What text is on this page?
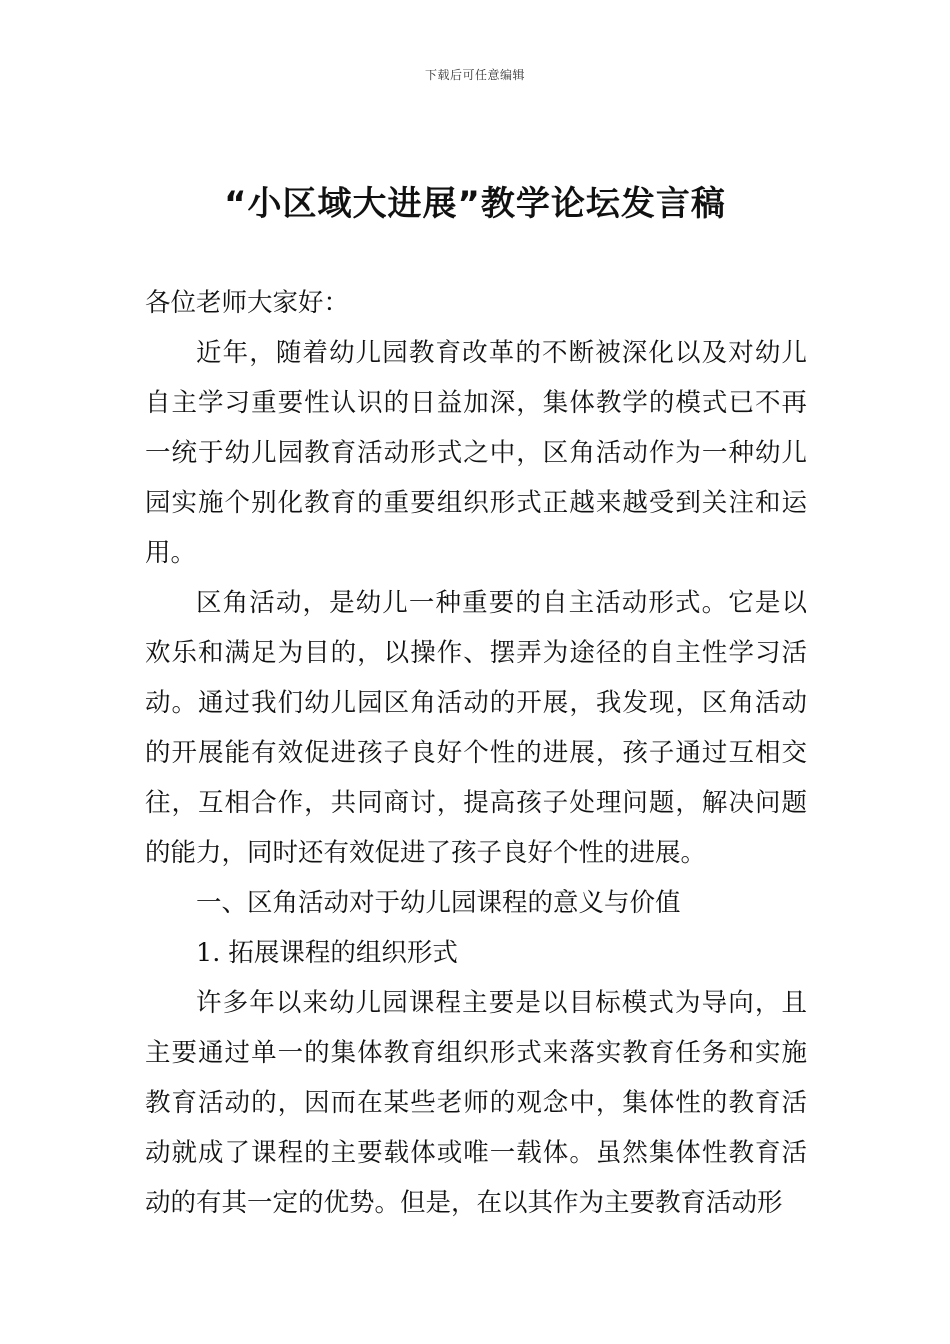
下载后可任意编辑
“小区域大进展”教学论坛发言稿

各位老师大家好：

近年，随着幼儿园教育改革的不断被深化以及对幼儿自主学习重要性认识的日益加深，集体教学的模式已不再一统于幼儿园教育活动形式之中，区角活动作为一种幼儿园实施个别化教育的重要组织形式正越来越受到关注和运用。

区角活动，是幼儿一种重要的自主活动形式。它是以欢乐和满足为目的，以操作、摆弄为途径的自主性学习活动。通过我们幼儿园区角活动的开展，我发现，区角活动的开展能有效促进孩子良好个性的进展，孩子通过互相交往，互相合作，共同商讨，提高孩子处理问题，解决问题的能力，同时还有效促进了孩子良好个性的进展。

一、区角活动对于幼儿园课程的意义与价值

1. 拓展课程的组织形式

许多年以来幼儿园课程主要是以目标模式为导向，且主要通过单一的集体教育组织形式来落实教育任务和实施教育活动的，因而在某些老师的观念中，集体性的教育活动就成了课程的主要载体或唯一载体。虽然集体性教育活动的有其一定的优势。但是，在以其作为主要教育活动形
